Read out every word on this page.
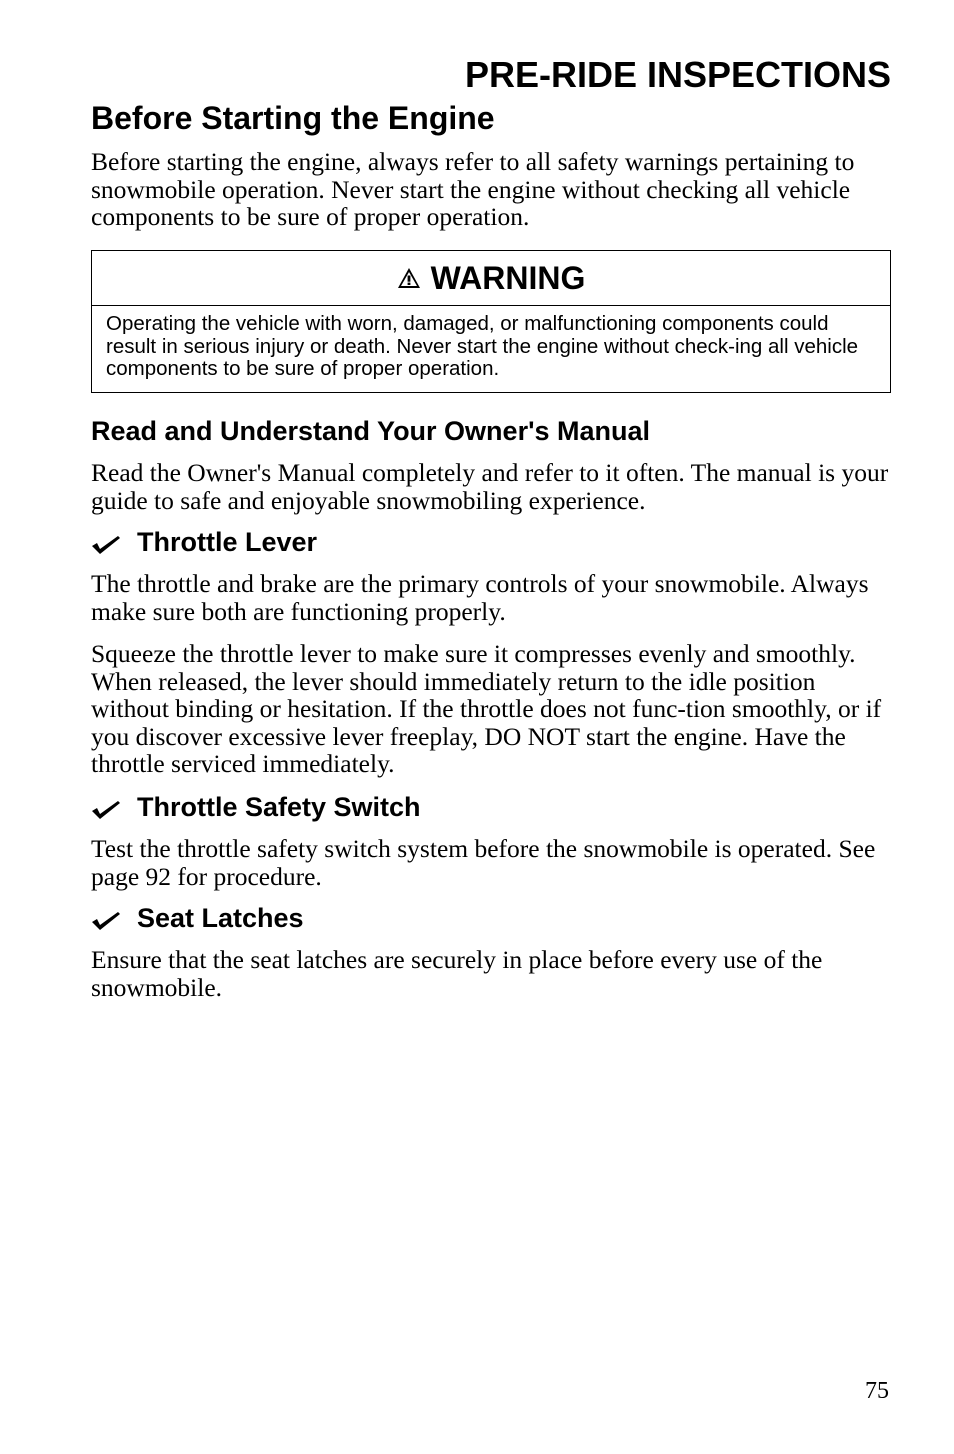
PRE-RIDE INSPECTIONS
Before Starting the Engine

Before starting the engine, always refer to all safety warnings pertaining to snowmobile operation. Never start the engine without checking all vehicle components to be sure of proper operation.

WARNING

Operating the vehicle with worn, damaged, or malfunctioning components could result in serious injury or death. Never start the engine without check-ing all vehicle components to be sure of proper operation.

Read and Understand Your Owner's Manual

Read the Owner's Manual completely and refer to it often. The manual is your guide to safe and enjoyable snowmobiling experience.

Throttle Lever

The throttle and brake are the primary controls of your snowmobile. Always make sure both are functioning properly.

Squeeze the throttle lever to make sure it compresses evenly and smoothly. When released, the lever should immediately return to the idle position without binding or hesitation. If the throttle does not func-tion smoothly, or if you discover excessive lever freeplay, DO NOT start the engine. Have the throttle serviced immediately.

Throttle Safety Switch

Test the throttle safety switch system before the snowmobile is operated. See page 92 for procedure.

Seat Latches

Ensure that the seat latches are securely in place before every use of the snowmobile.

75
